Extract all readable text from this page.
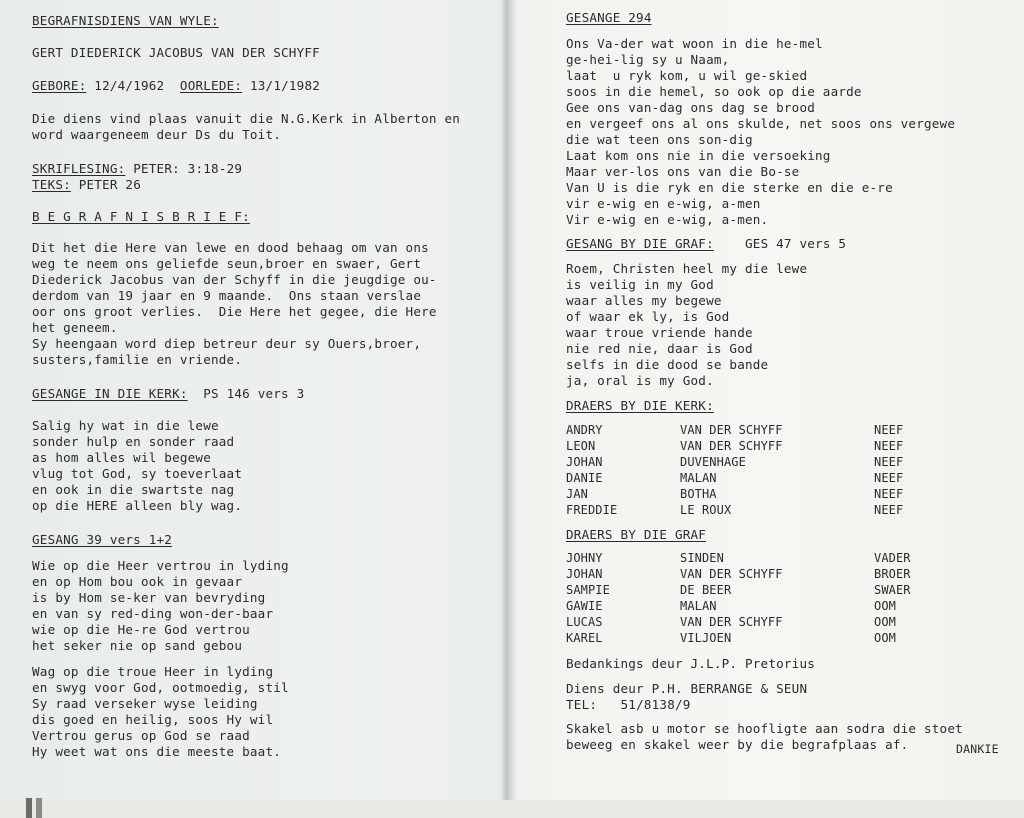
BEGRAFNISDIENS VAN WYLE:
GERT DIEDERICK JACOBUS VAN DER SCHYFF
GEBORE: 12/4/1962 OORLEDE: 13/1/1982
Die diens vind plaas vanuit die N.G.Kerk in Alberton en
word waargeneem deur Ds du Toit.
SKRIFLESING: PETER: 3:18-29
TEKS: PETER 26
B E G R A F N I S B R I E F:
Dit het die Here van lewe en dood behaag om van ons
weg te neem ons geliefde seun,broer en swaer, Gert
Diederick Jacobus van der Schyff in die jeugdige ou-
derdom van 19 jaar en 9 maande.  Ons staan verslae
oor ons groot verlies.  Die Here het gegee, die Here
het geneem.
Sy heengaan word diep betreur deur sy Ouers,broer,
susters,familie en vriende.
GESANGE IN DIE KERK: PS 146 vers 3
Salig hy wat in die lewe
sonder hulp en sonder raad
as hom alles wil begewe
vlug tot God, sy toeverlaat
en ook in die swartste nag
op die HERE alleen bly wag.
GESANG 39 vers 1+2
Wie op die Heer vertrou in lyding
en op Hom bou ook in gevaar
is by Hom se-ker van bevryding
en van sy red-ding won-der-baar
wie op die He-re God vertrou
het seker nie op sand gebou
Wag op die troue Heer in lyding
en swyg voor God, ootmoedig, stil
Sy raad verseker wyse leiding
dis goed en heilig, soos Hy wil
Vertrou gerus op God se raad
Hy weet wat ons die meeste baat.
GESANGE 294
Ons Va-der wat woon in die he-mel
ge-hei-lig sy u Naam,
laat  u ryk kom, u wil ge-skied
soos in die hemel, so ook op die aarde
Gee ons van-dag ons dag se brood
en vergeef ons al ons skulde, net soos ons vergewe
die wat teen ons son-dig
Laat kom ons nie in die versoeking
Maar ver-los ons van die Bo-se
Van U is die ryk en die sterke en die e-re
vir e-wig en e-wig, a-men
Vir e-wig en e-wig, a-men.
GESANG BY DIE GRAF: GES 47 vers 5
Roem, Christen heel my die lewe
is veilig in my God
waar alles my begewe
of waar ek ly, is God
waar troue vriende hande
nie red nie, daar is God
selfs in die dood se bande
ja, oral is my God.
DRAERS BY DIE KERK:
ANDRY	VAN DER SCHYFF	NEEF
LEON	VAN DER SCHYFF	NEEF
JOHAN	DUVENHAGE	NEEF
DANIE	MALAN	NEEF
JAN	BOTHA	NEEF
FREDDIE	LE ROUX	NEEF
DRAERS BY DIE GRAF
JOHNY	SINDEN	VADER
JOHAN	VAN DER SCHYFF	BROER
SAMPIE	DE BEER	SWAER
GAWIE	MALAN	OOM
LUCAS	VAN DER SCHYFF	OOM
KAREL	VILJOEN	OOM
Bedankings deur J.L.P. Pretorius
Diens deur P.H. BERRANGE & SEUN
TEL: 51/8138/9
Skakel asb u motor se hoofligte aan sodra die stoet
beweeg en skakel weer by die begrafplaas af.	DANKIE
